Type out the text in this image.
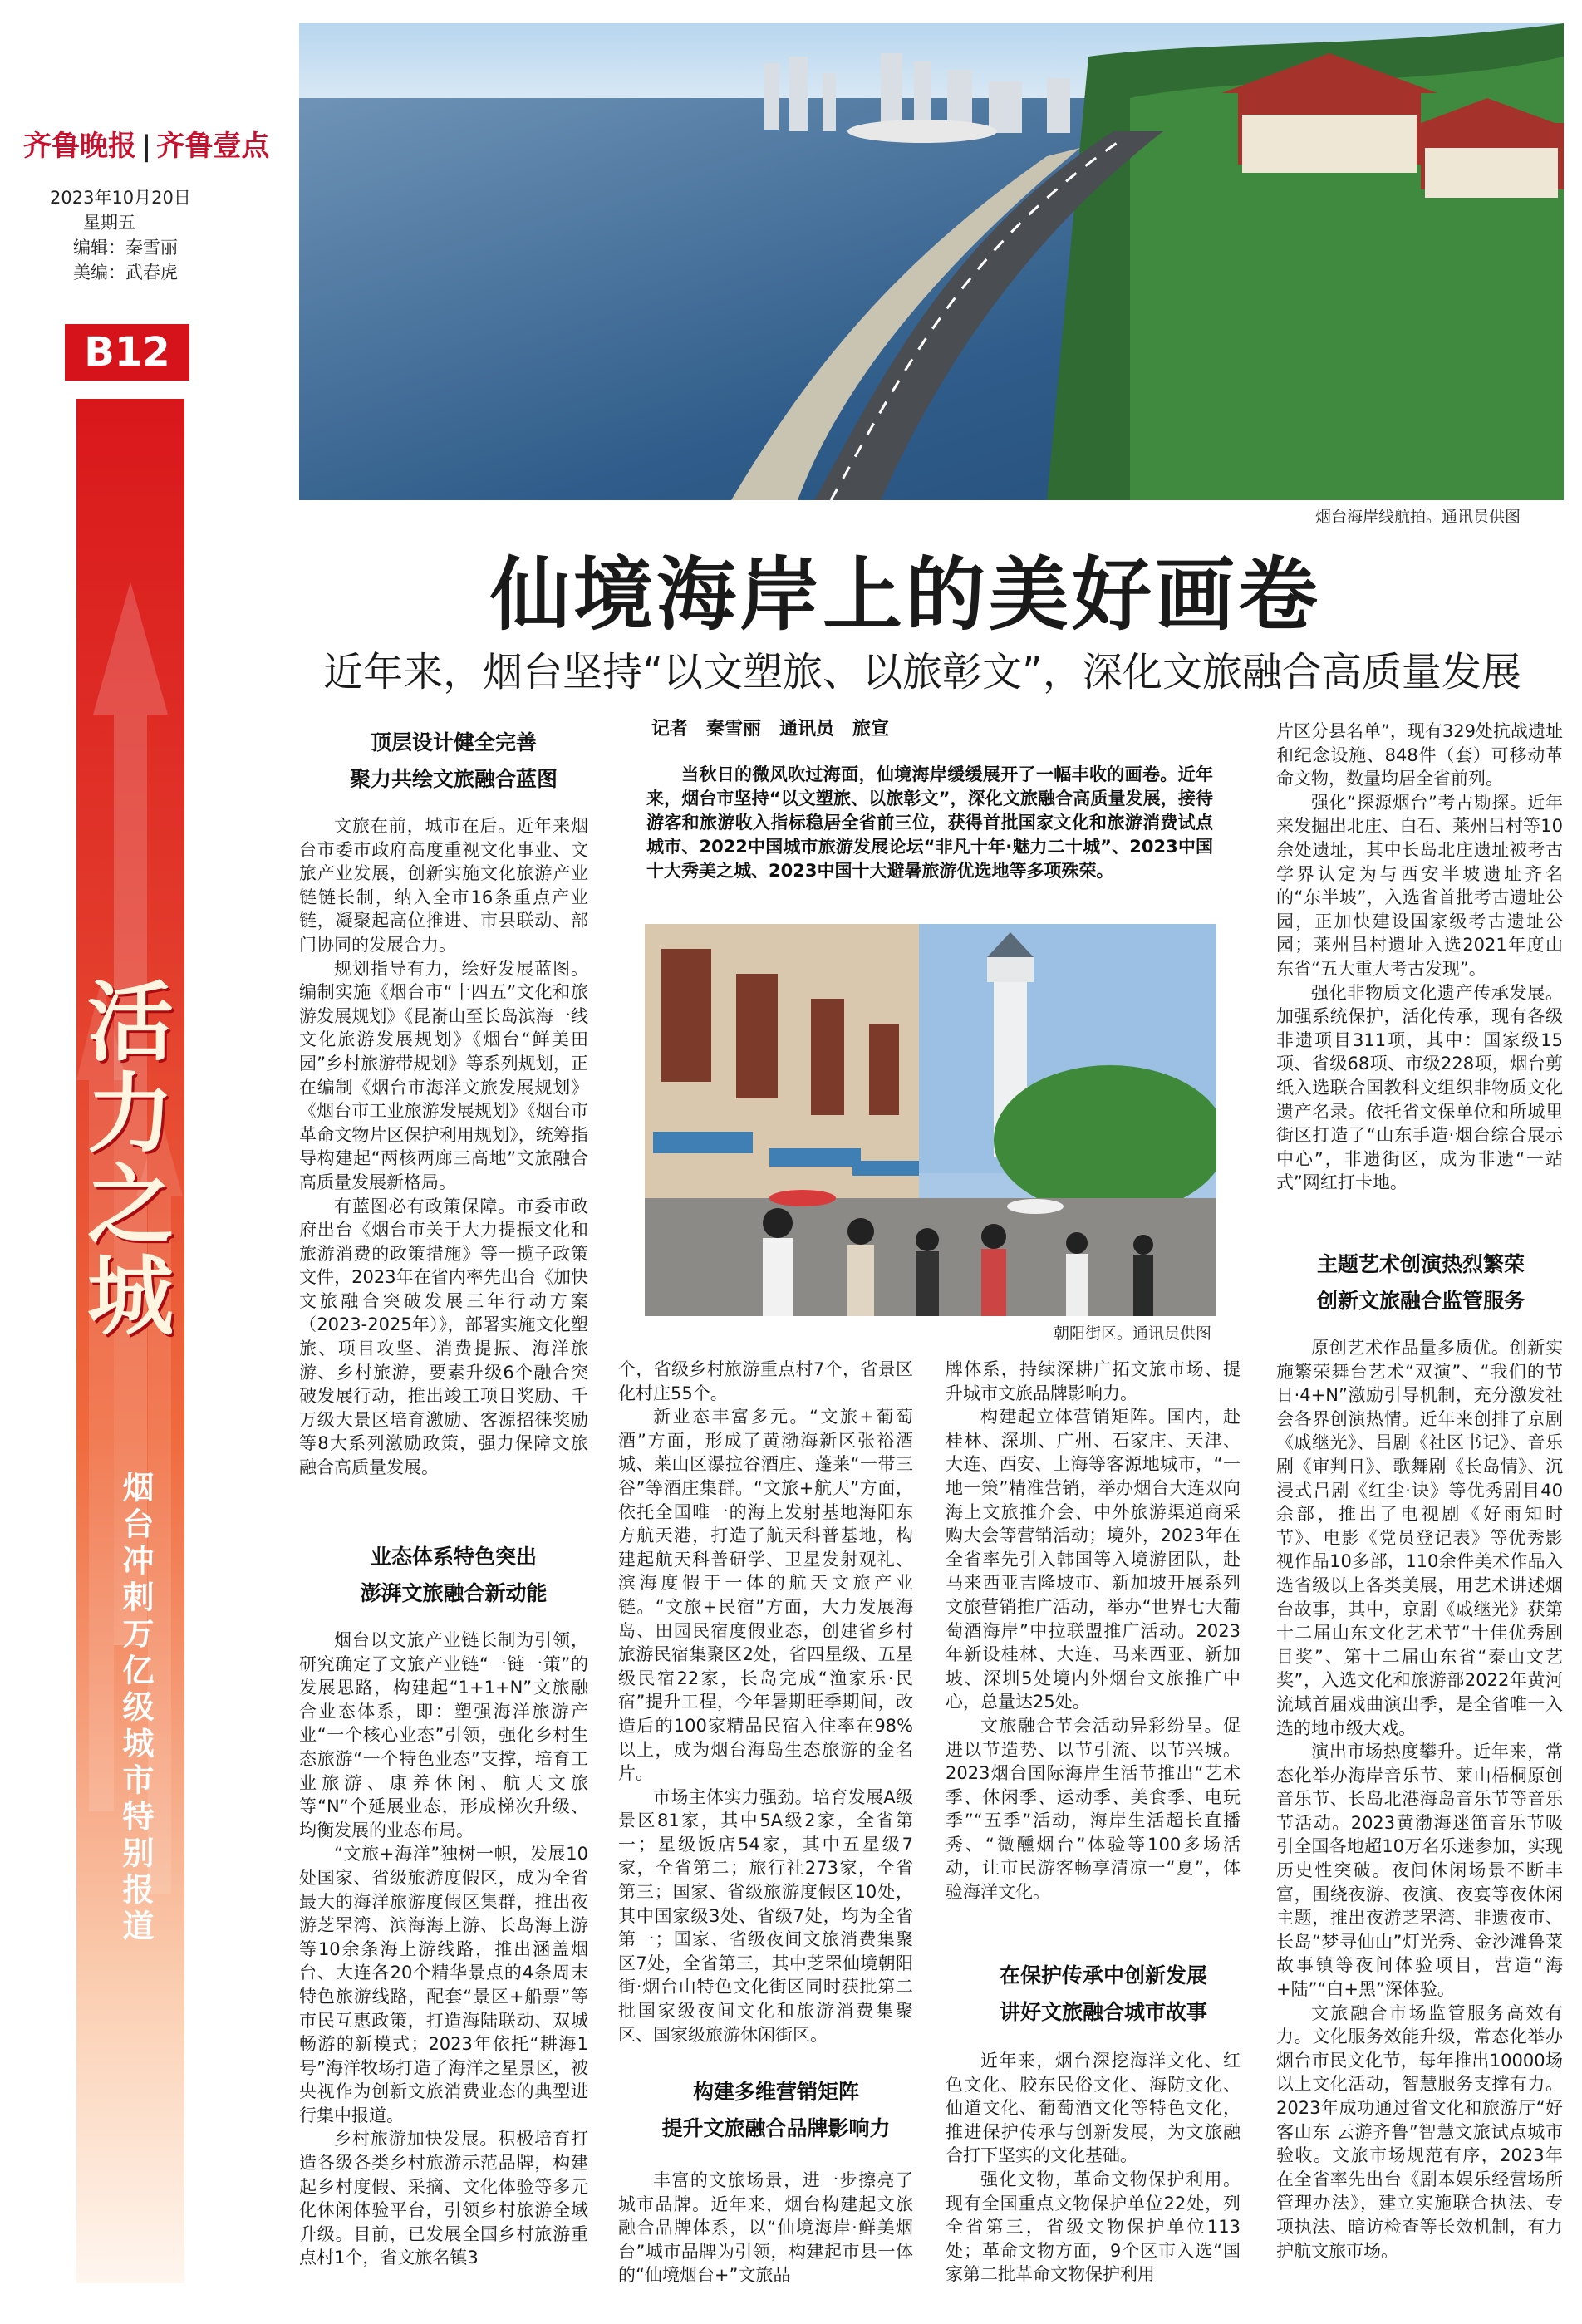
齐鲁晚报 | 齐鲁壹点
2023年10月20日
星期五
编辑：秦雪丽
美编：武春虎
B12
活力之城
烟台冲刺万亿级城市特别报道
烟台海岸线航拍。通讯员供图
仙境海岸上的美好画卷
近年来，烟台坚持“以文塑旅、以旅彰文”，深化文旅融合高质量发展
顶层设计健全完善
聚力共绘文旅融合蓝图

文旅在前，城市在后。近年来烟台市委市政府高度重视文化事业、文旅产业发展，创新实施文化旅游产业链链长制，纳入全市16条重点产业链，凝聚起高位推进、市县联动、部门协同的发展合力。

规划指导有力，绘好发展蓝图。编制实施《烟台市“十四五”文化和旅游发展规划》《昆嵛山至长岛滨海一线文化旅游发展规划》《烟台“鲜美田园”乡村旅游带规划》等系列规划，正在编制《烟台市海洋文旅发展规划》《烟台市工业旅游发展规划》《烟台市革命文物片区保护利用规划》，统筹指导构建起“两核两廊三高地”文旅融合高质量发展新格局。

有蓝图必有政策保障。市委市政府出台《烟台市关于大力提振文化和旅游消费的政策措施》等一揽子政策文件，2023年在省内率先出台《加快文旅融合突破发展三年行动方案（2023-2025年）》，部署实施文化塑旅、项目攻坚、消费提振、海洋旅游、乡村旅游，要素升级6个融合突破发展行动，推出竣工项目奖励、千万级大景区培育激励、客源招徕奖励等8大系列激励政策，强力保障文旅融合高质量发展。

业态体系特色突出
澎湃文旅融合新动能

烟台以文旅产业链长制为引领，研究确定了文旅产业链“一链一策”的发展思路，构建起“1+1+N”文旅融合业态体系，即：塑强海洋旅游产业“一个核心业态”引领，强化乡村生态旅游“一个特色业态”支撑，培育工业旅游、康养休闲、航天文旅等“N”个延展业态，形成梯次升级、均衡发展的业态布局。

“文旅+海洋”独树一帜，发展10处国家、省级旅游度假区，成为全省最大的海洋旅游度假区集群，推出夜游芝罘湾、滨海海上游、长岛海上游等10余条海上游线路，推出涵盖烟台、大连各20个精华景点的4条周末特色旅游线路，配套“景区+船票”等市民互惠政策，打造海陆联动、双城畅游的新模式；2023年依托“耕海1号”海洋牧场打造了海洋之星景区，被央视作为创新文旅消费业态的典型进行集中报道。

乡村旅游加快发展。积极培育打造各级各类乡村旅游示范品牌，构建起乡村度假、采摘、文化体验等多元化休闲体验平台，引领乡村旅游全域升级。目前，已发展全国乡村旅游重点村1个，省文旅名镇3

记者　秦雪丽　通讯员　旅宣

当秋日的微风吹过海面，仙境海岸缓缓展开了一幅丰收的画卷。近年来，烟台市坚持“以文塑旅、以旅彰文”，深化文旅融合高质量发展，接待游客和旅游收入指标稳居全省前三位，获得首批国家文化和旅游消费试点城市、2022中国城市旅游发展论坛“非凡十年·魅力二十城”、2023中国十大秀美之城、2023中国十大避暑旅游优选地等多项殊荣。

朝阳街区。通讯员供图

个，省级乡村旅游重点村7个，省景区化村庄55个。

新业态丰富多元。“文旅+葡萄酒”方面，形成了黄渤海新区张裕酒城、莱山区瀑拉谷酒庄、蓬莱“一带三谷”等酒庄集群。“文旅+航天”方面，依托全国唯一的海上发射基地海阳东方航天港，打造了航天科普基地，构建起航天科普研学、卫星发射观礼、滨海度假于一体的航天文旅产业链。“文旅+民宿”方面，大力发展海岛、田园民宿度假业态，创建省乡村旅游民宿集聚区2处，省四星级、五星级民宿22家，长岛完成“渔家乐·民宿”提升工程，今年暑期旺季期间，改造后的100家精品民宿入住率在98%以上，成为烟台海岛生态旅游的金名片。

市场主体实力强劲。培育发展A级景区81家，其中5A级2家，全省第一；星级饭店54家，其中五星级7家，全省第二；旅行社273家，全省第三；国家、省级旅游度假区10处，其中国家级3处、省级7处，均为全省第一；国家、省级夜间文旅消费集聚区7处，全省第三，其中芝罘仙境朝阳街·烟台山特色文化街区同时获批第二批国家级夜间文化和旅游消费集聚区、国家级旅游休闲街区。

构建多维营销矩阵
提升文旅融合品牌影响力

丰富的文旅场景，进一步擦亮了城市品牌。近年来，烟台构建起文旅融合品牌体系，以“仙境海岸·鲜美烟台”城市品牌为引领，构建起市县一体的“仙境烟台+”文旅品

牌体系，持续深耕广拓文旅市场、提升城市文旅品牌影响力。

构建起立体营销矩阵。国内，赴桂林、深圳、广州、石家庄、天津、大连、西安、上海等客源地城市，“一地一策”精准营销，举办烟台大连双向海上文旅推介会、中外旅游渠道商采购大会等营销活动；境外，2023年在全省率先引入韩国等入境游团队，赴马来西亚吉隆坡市、新加坡开展系列文旅营销推广活动，举办“世界七大葡萄酒海岸”中拉联盟推广活动。2023年新设桂林、大连、马来西亚、新加坡、深圳5处境内外烟台文旅推广中心，总量达25处。

文旅融合节会活动异彩纷呈。促进以节造势、以节引流、以节兴城。2023烟台国际海岸生活节推出“艺术季、休闲季、运动季、美食季、电玩季”“五季”活动，海岸生活超长直播秀、“微醺烟台”体验等100多场活动，让市民游客畅享清凉一“夏”，体验海洋文化。

在保护传承中创新发展
讲好文旅融合城市故事

近年来，烟台深挖海洋文化、红色文化、胶东民俗文化、海防文化、仙道文化、葡萄酒文化等特色文化，推进保护传承与创新发展，为文旅融合打下坚实的文化基础。

强化文物，革命文物保护利用。现有全国重点文物保护单位22处，列全省第三，省级文物保护单位113处；革命文物方面，9个区市入选“国家第二批革命文物保护利用

片区分县名单”，现有329处抗战遗址和纪念设施、848件（套）可移动革命文物，数量均居全省前列。

强化“探源烟台”考古勘探。近年来发掘出北庄、白石、莱州吕村等10余处遗址，其中长岛北庄遗址被考古学界认定为与西安半坡遗址齐名的“东半坡”，入选省首批考古遗址公园，正加快建设国家级考古遗址公园；莱州吕村遗址入选2021年度山东省“五大重大考古发现”。

强化非物质文化遗产传承发展。加强系统保护，活化传承，现有各级非遗项目311项，其中：国家级15项、省级68项、市级228项，烟台剪纸入选联合国教科文组织非物质文化遗产名录。依托省文保单位和所城里街区打造了“山东手造·烟台综合展示中心”，非遗街区，成为非遗“一站式”网红打卡地。

主题艺术创演热烈繁荣
创新文旅融合监管服务

原创艺术作品量多质优。创新实施繁荣舞台艺术“双演”、“我们的节日·4+N”激励引导机制，充分激发社会各界创演热情。近年来创排了京剧《戚继光》、吕剧《社区书记》、音乐剧《审判日》、歌舞剧《长岛情》、沉浸式吕剧《红尘·诀》等优秀剧目40余部，推出了电视剧《好雨知时节》、电影《党员登记表》等优秀影视作品10多部，110余件美术作品入选省级以上各类美展，用艺术讲述烟台故事，其中，京剧《戚继光》获第十二届山东文化艺术节“十佳优秀剧目奖”、第十二届山东省“泰山文艺奖”，入选文化和旅游部2022年黄河流域首届戏曲演出季，是全省唯一入选的地市级大戏。

演出市场热度攀升。近年来，常态化举办海岸音乐节、莱山梧桐原创音乐节、长岛北港海岛音乐节等音乐节活动。2023黄渤海迷笛音乐节吸引全国各地超10万名乐迷参加，实现历史性突破。夜间休闲场景不断丰富，围绕夜游、夜演、夜宴等夜休闲主题，推出夜游芝罘湾、非遗夜市、长岛“梦寻仙山”灯光秀、金沙滩鲁菜故事镇等夜间体验项目，营造“海+陆”“白+黑”深体验。

文旅融合市场监管服务高效有力。文化服务效能升级，常态化举办烟台市民文化节，每年推出10000场以上文化活动，智慧服务支撑有力。2023年成功通过省文化和旅游厅“好客山东 云游齐鲁”智慧文旅试点城市验收。文旅市场规范有序，2023年在全省率先出台《剧本娱乐经营场所管理办法》，建立实施联合执法、专项执法、暗访检查等长效机制，有力护航文旅市场。
